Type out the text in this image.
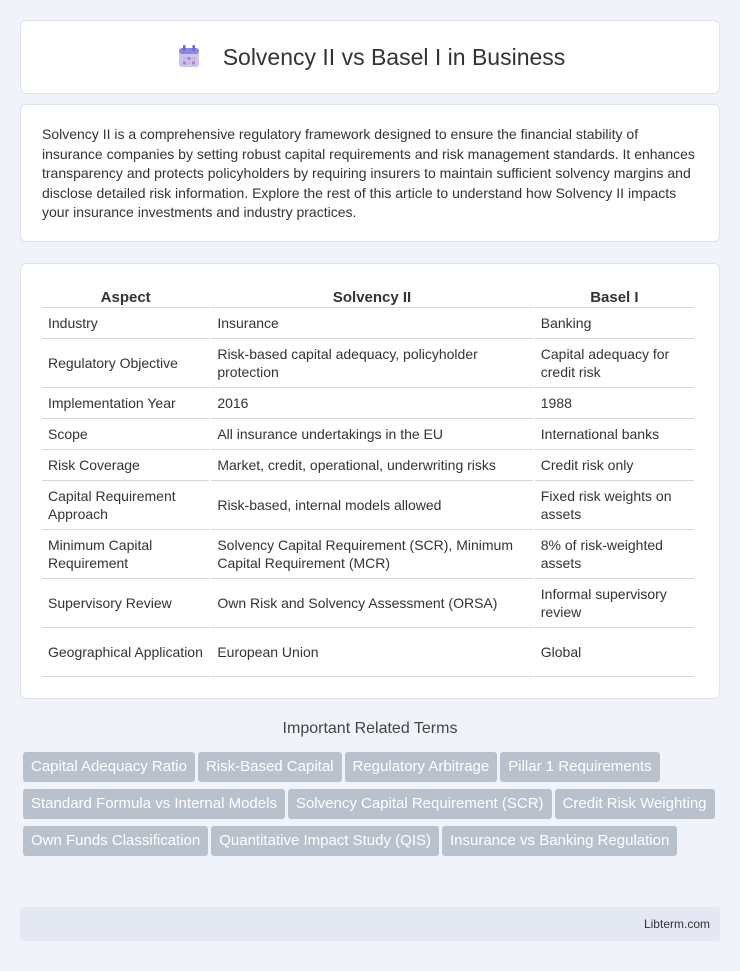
Solvency II vs Basel I in Business

Solvency II is a comprehensive regulatory framework designed to ensure the financial stability of insurance companies by setting robust capital requirements and risk management standards. It enhances transparency and protects policyholders by requiring insurers to maintain sufficient solvency margins and disclose detailed risk information. Explore the rest of this article to understand how Solvency II impacts your insurance investments and industry practices.

Aspect	Solvency II	Basel I
Industry	Insurance	Banking
Regulatory Objective	Risk-based capital adequacy, policyholder protection	Capital adequacy for credit risk
Implementation Year	2016	1988
Scope	All insurance undertakings in the EU	International banks
Risk Coverage	Market, credit, operational, underwriting risks	Credit risk only
Capital Requirement Approach	Risk-based, internal models allowed	Fixed risk weights on assets
Minimum Capital Requirement	Solvency Capital Requirement (SCR), Minimum Capital Requirement (MCR)	8% of risk-weighted assets
Supervisory Review	Own Risk and Solvency Assessment (ORSA)	Informal supervisory review
Geographical Application	European Union	Global
Important Related Terms
Capital Adequacy Ratio Risk-Based Capital Regulatory Arbitrage Pillar 1 RequirementsStandard Formula vs Internal Models Solvency Capital Requirement (SCR) Credit Risk WeightingOwn Funds Classification Quantitative Impact Study (QIS) Insurance vs Banking Regulation
Libterm.com
